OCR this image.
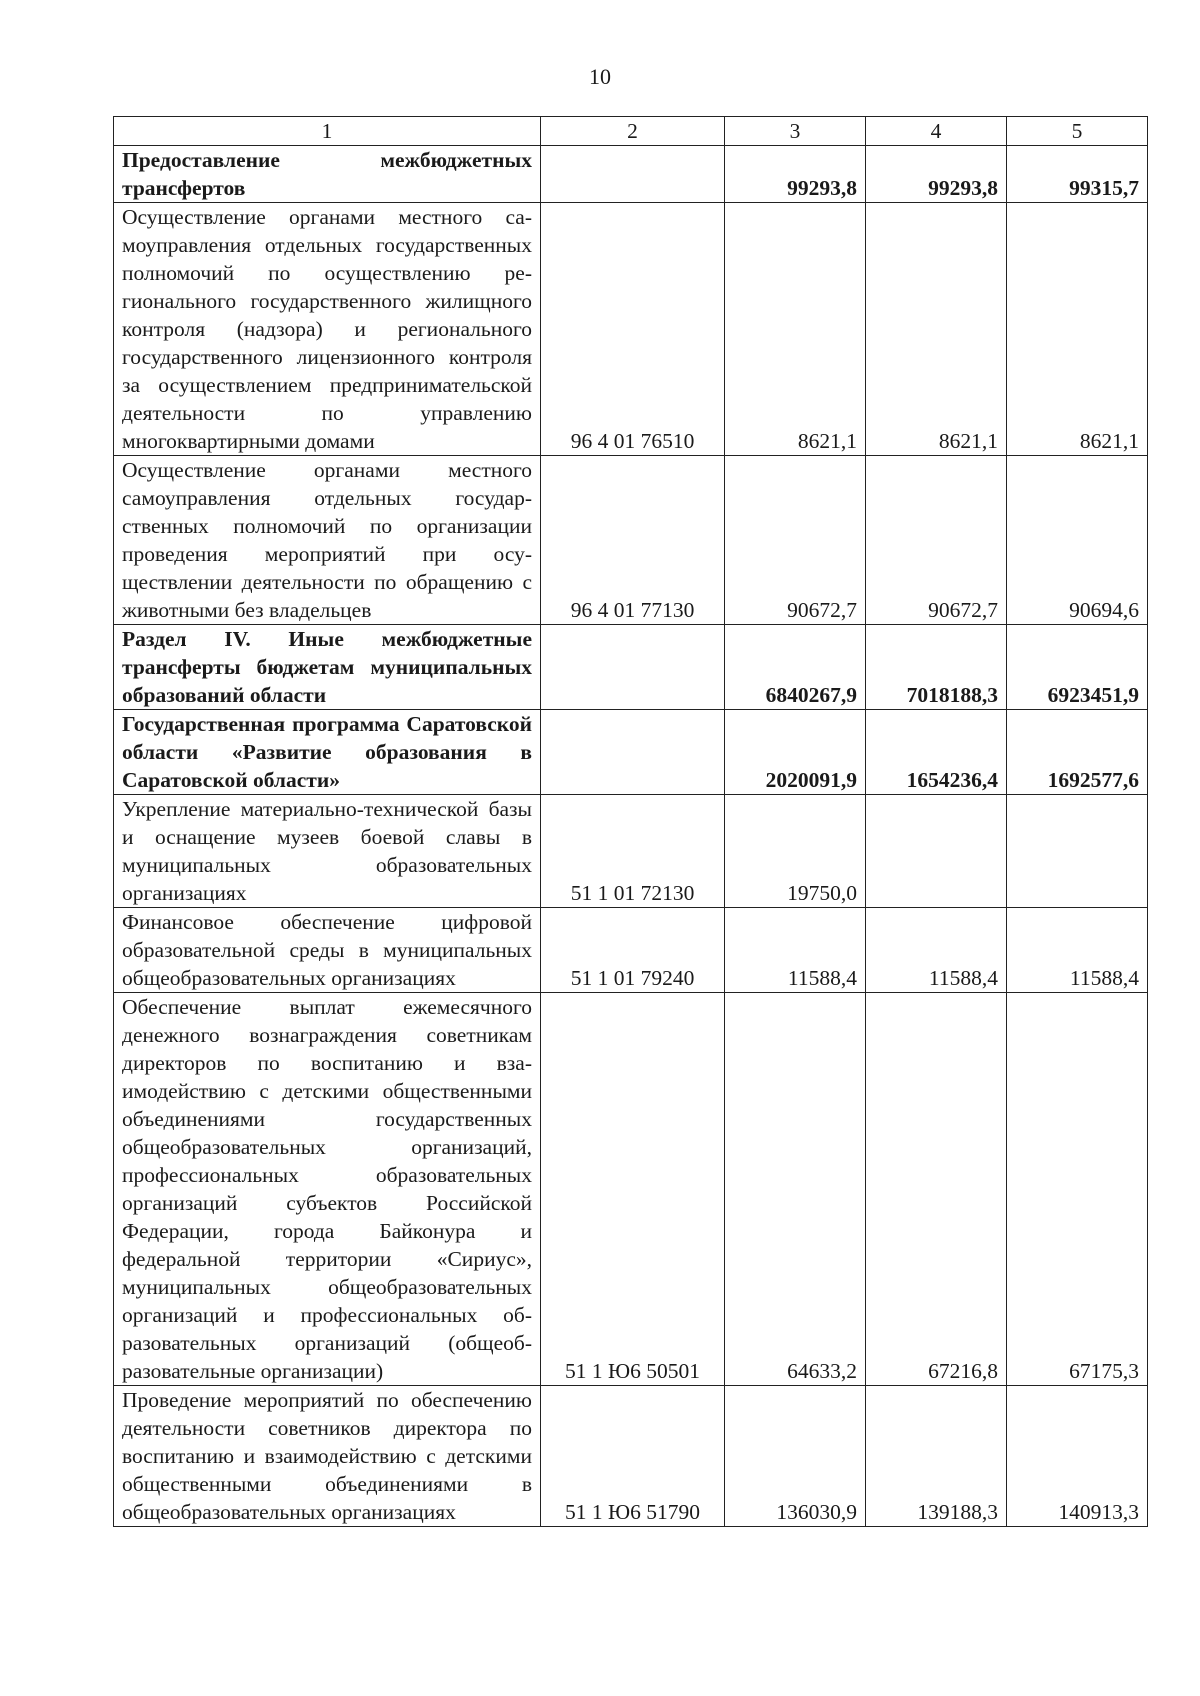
10
1	2	3	4	5
Предоставление межбюджетных трансфертов		99293,8	99293,8	99315,7
Осуществление органами местного самоуправления отдельных государственных полномочий по осуществлению регионального государственного жилищного контроля (надзора) и регионального государственного лицензионного контроля за осуществлением предпринимательской деятельности по управлению многоквартирными домами	96 4 01 76510	8621,1	8621,1	8621,1
Осуществление органами местного самоуправления отдельных государственных полномочий по организации проведения мероприятий при осуществлении деятельности по обращению с животными без владельцев	96 4 01 77130	90672,7	90672,7	90694,6
Раздел IV. Иные межбюджетные трансферты бюджетам муниципальных образований области		6840267,9	7018188,3	6923451,9
Государственная программа Саратовской области «Развитие образования в Саратовской области»		2020091,9	1654236,4	1692577,6
Укрепление материально-технической базы и оснащение музеев боевой славы в муниципальных образовательных организациях	51 1 01 72130	19750,0		
Финансовое обеспечение цифровой образовательной среды в муниципальных общеобразовательных организациях	51 1 01 79240	11588,4	11588,4	11588,4
Обеспечение выплат ежемесячного денежного вознаграждения советникам директоров по воспитанию и взаимодействию с детскими общественными объединениями государственных общеобразовательных организаций, профессиональных образовательных организаций субъектов Российской Федерации, города Байконура и федеральной территории «Сириус», муниципальных общеобразовательных организаций и профессиональных образовательных организаций (общеобразовательные организации)	51 1 Ю6 50501	64633,2	67216,8	67175,3
Проведение мероприятий по обеспечению деятельности советников директора по воспитанию и взаимодействию с детскими общественными объединениями в общеобразовательных организациях	51 1 Ю6 51790	136030,9	139188,3	140913,3
